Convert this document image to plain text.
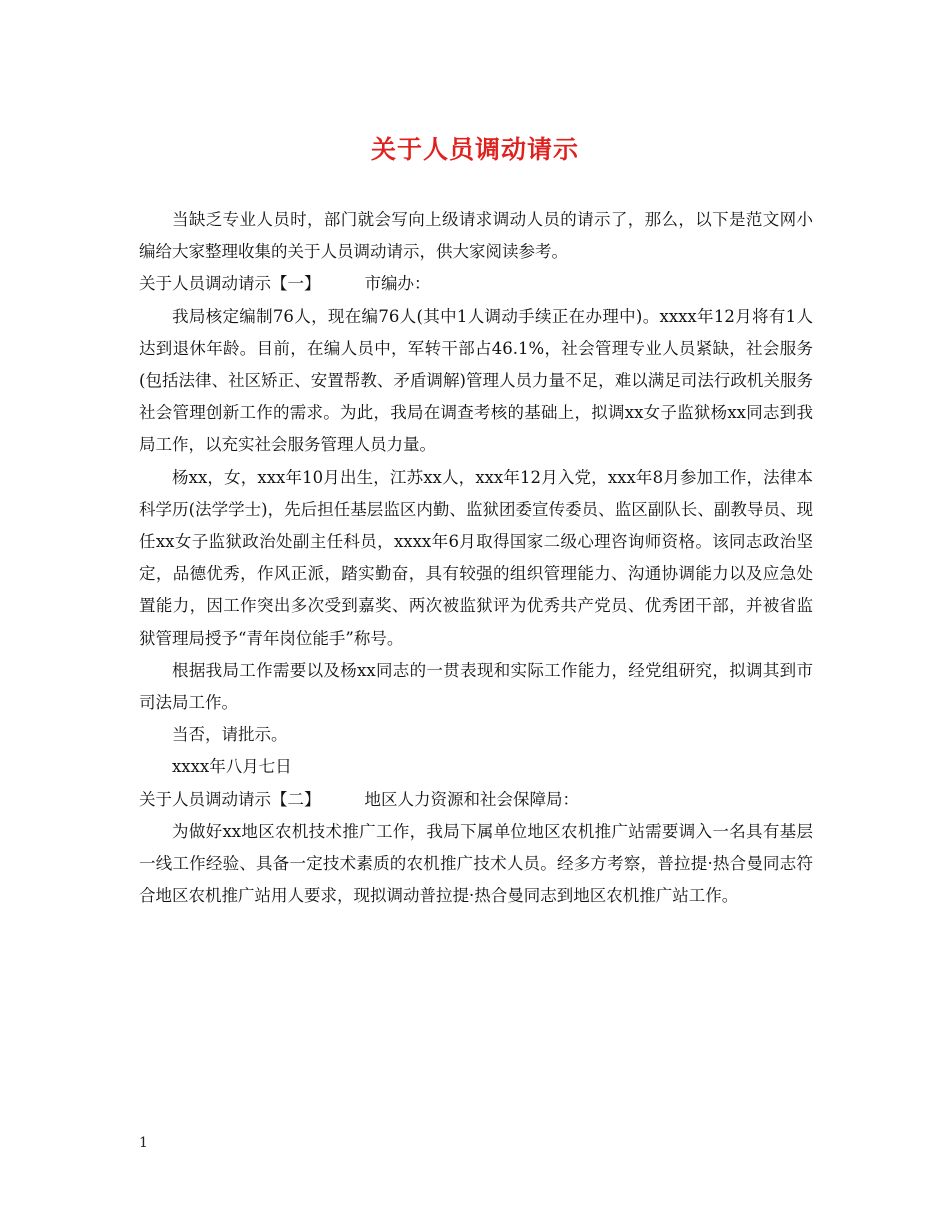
关于人员调动请示

当缺乏专业人员时，部门就会写向上级请求调动人员的请示了，那么，以下是范文网小编给大家整理收集的关于人员调动请示，供大家阅读参考。

关于人员调动请示【一】	市编办：

我局核定编制76人，现在编76人(其中1人调动手续正在办理中)。xxxx年12月将有1人达到退休年龄。目前，在编人员中，军转干部占46.1%，社会管理专业人员紧缺，社会服务(包括法律、社区矫正、安置帮教、矛盾调解)管理人员力量不足，难以满足司法行政机关服务社会管理创新工作的需求。为此，我局在调查考核的基础上，拟调xx女子监狱杨xx同志到我局工作，以充实社会服务管理人员力量。

杨xx，女，xxx年10月出生，江苏xx人，xxx年12月入党，xxx年8月参加工作，法律本科学历(法学学士)，先后担任基层监区内勤、监狱团委宣传委员、监区副队长、副教导员、现任xx女子监狱政治处副主任科员，xxxx年6月取得国家二级心理咨询师资格。该同志政治坚定，品德优秀，作风正派，踏实勤奋，具有较强的组织管理能力、沟通协调能力以及应急处置能力，因工作突出多次受到嘉奖、两次被监狱评为优秀共产党员、优秀团干部，并被省监狱管理局授予“青年岗位能手”称号。

根据我局工作需要以及杨xx同志的一贯表现和实际工作能力，经党组研究，拟调其到市司法局工作。

当否，请批示。

xxxx年八月七日

关于人员调动请示【二】	地区人力资源和社会保障局：

为做好xx地区农机技术推广工作，我局下属单位地区农机推广站需要调入一名具有基层一线工作经验、具备一定技术素质的农机推广技术人员。经多方考察，普拉提·热合曼同志符合地区农机推广站用人要求，现拟调动普拉提·热合曼同志到地区农机推广站工作。

1
